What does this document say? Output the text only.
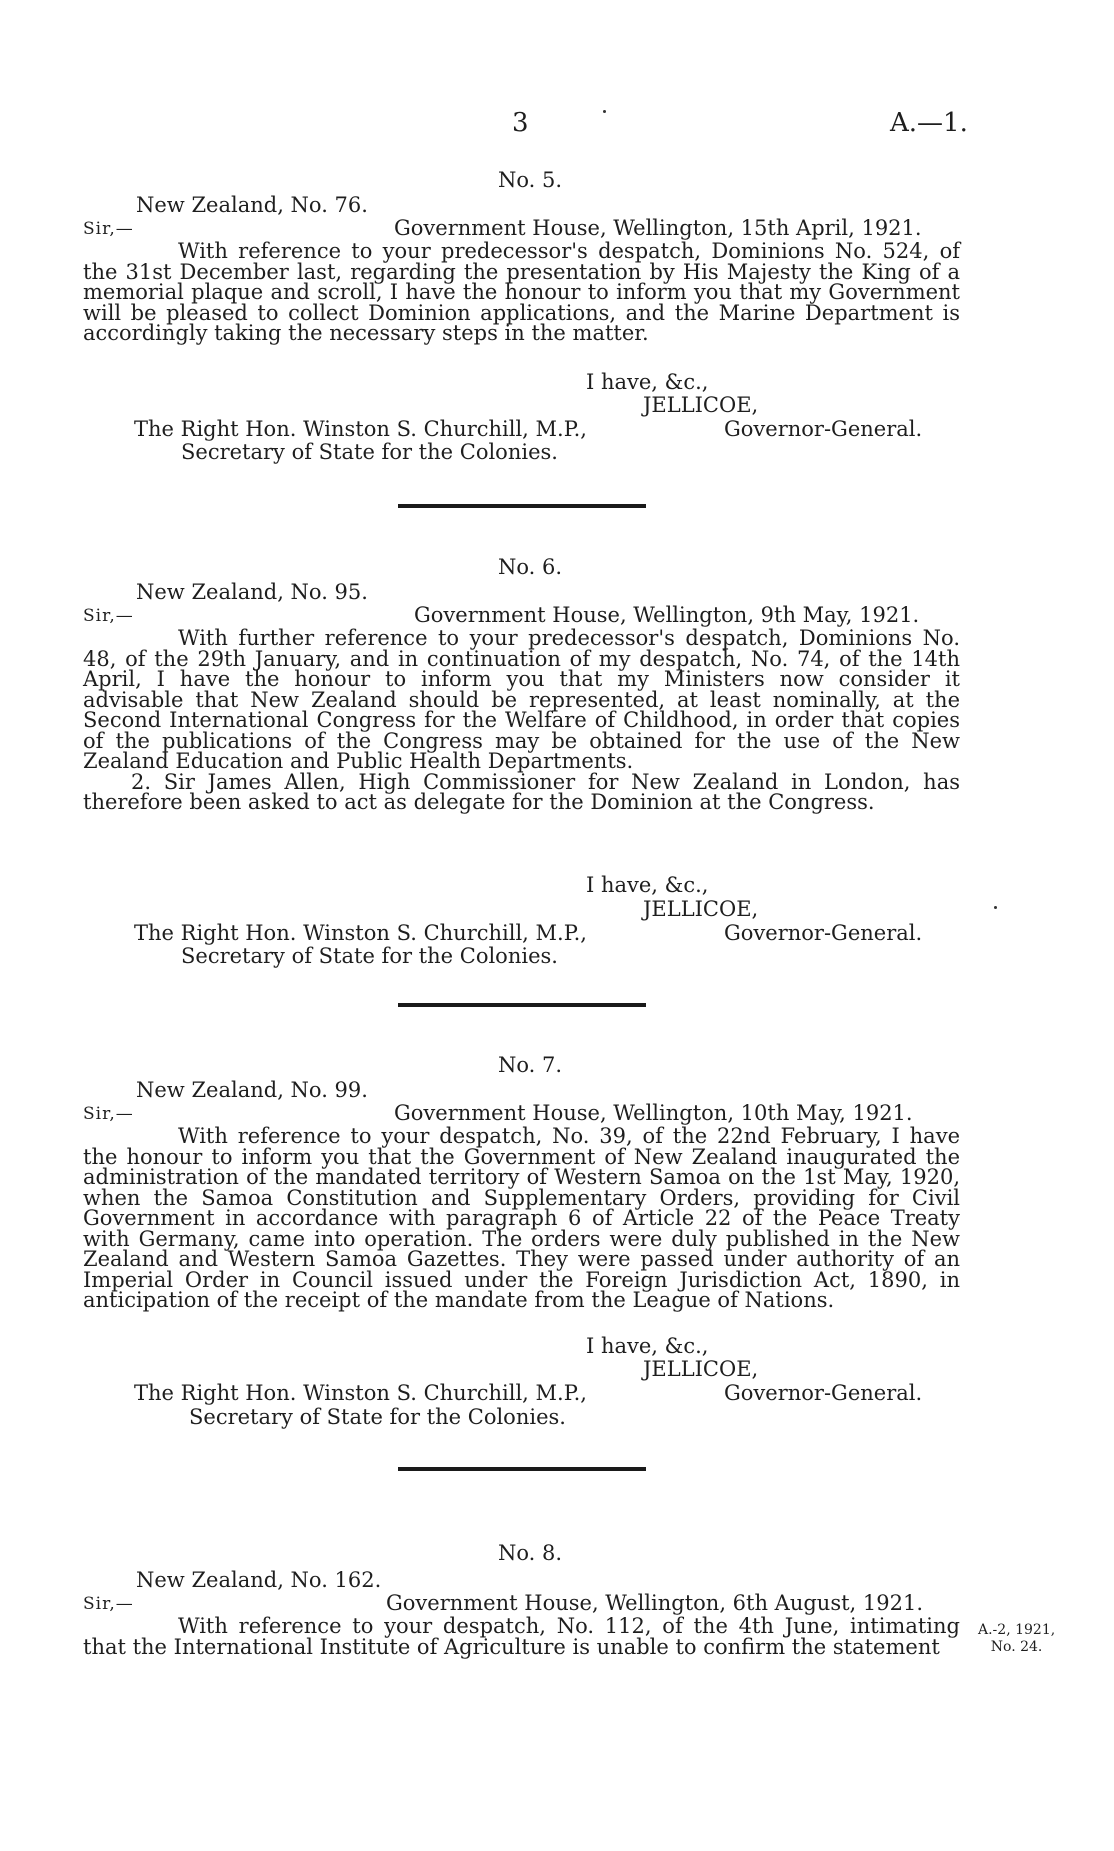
3	A.—1.
No. 5.
New Zealand, No. 76.
Sir,—	Government House, Wellington, 15th April, 1921.

With reference to your predecessor's despatch, Dominions No. 524, of the 31st December last, regarding the presentation by His Majesty the King of a memorial plaque and scroll, I have the honour to inform you that my Government will be pleased to collect Dominion applications, and the Marine Department is accordingly taking the necessary steps in the matter.

I have, &c.,
JELLICOE,
The Right Hon. Winston S. Churchill, M.P.,	Governor-General.
Secretary of State for the Colonies.
No. 6.
New Zealand, No. 95.
Sir,—	Government House, Wellington, 9th May, 1921.

With further reference to your predecessor's despatch, Dominions No. 48, of the 29th January, and in continuation of my despatch, No. 74, of the 14th April, I have the honour to inform you that my Ministers now consider it advisable that New Zealand should be represented, at least nominally, at the Second International Congress for the Welfare of Childhood, in order that copies of the publications of the Congress may be obtained for the use of the New Zealand Education and Public Health Departments.

2. Sir James Allen, High Commissioner for New Zealand in London, has therefore been asked to act as delegate for the Dominion at the Congress.

I have, &c.,
JELLICOE,
The Right Hon. Winston S. Churchill, M.P.,	Governor-General.
Secretary of State for the Colonies.
No. 7.
New Zealand, No. 99.
Sir,—	Government House, Wellington, 10th May, 1921.

With reference to your despatch, No. 39, of the 22nd February, I have the honour to inform you that the Government of New Zealand inaugurated the administration of the mandated territory of Western Samoa on the 1st May, 1920, when the Samoa Constitution and Supplementary Orders, providing for Civil Government in accordance with paragraph 6 of Article 22 of the Peace Treaty with Germany, came into operation. The orders were duly published in the New Zealand and Western Samoa Gazettes. They were passed under authority of an Imperial Order in Council issued under the Foreign Jurisdiction Act, 1890, in anticipation of the receipt of the mandate from the League of Nations.

I have, &c.,
JELLICOE,
The Right Hon. Winston S. Churchill, M.P.,	Governor-General.
Secretary of State for the Colonies.
No. 8.
New Zealand, No. 162.
Sir,—	Government House, Wellington, 6th August, 1921.

With reference to your despatch, No. 112, of the 4th June, intimating that the International Institute of Agriculture is unable to confirm the statement

A.-2, 1921,
No. 24.
